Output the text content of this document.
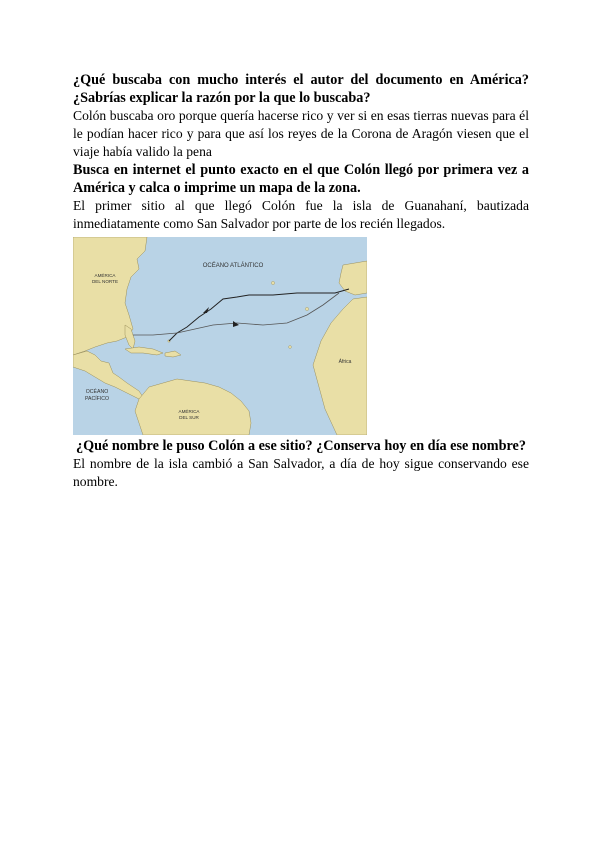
¿Qué buscaba con mucho interés el autor del documento en América? ¿Sabrías explicar la razón por la que lo buscaba?

Colón buscaba oro porque quería hacerse rico y ver si en esas tierras nuevas para él le podían hacer rico y para que así los reyes de la Corona de Aragón viesen que el viaje había valido la pena

Busca en internet el punto exacto en el que Colón llegó por primera vez a América y calca o imprime un mapa de la zona.

El primer sitio al que llegó Colón fue la isla de Guanahaní, bautizada inmediatamente como San Salvador por parte de los recién llegados.

OCÉANO ATLÁNTICO
AMÉRICA
DEL NORTE
OCÉANO
PACÍFICO
AMÉRICA
DEL SUR
África

¿Qué nombre le puso Colón a ese sitio? ¿Conserva hoy en día ese nombre?

El nombre de la isla cambió a San Salvador, a día de hoy sigue conservando ese nombre.
